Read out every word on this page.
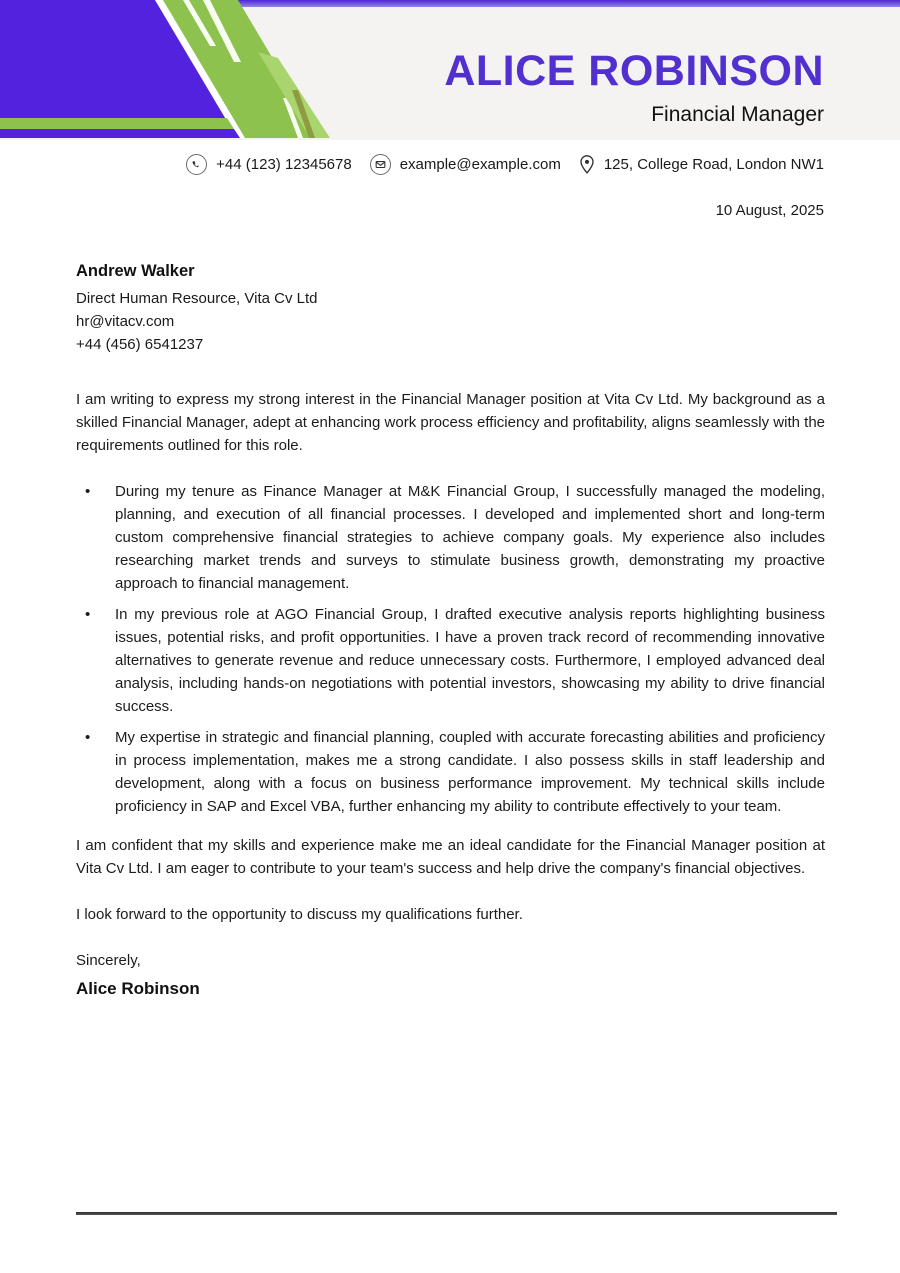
ALICE ROBINSON
Financial Manager
+44 (123) 12345678	example@example.com	125, College Road, London NW1
10 August, 2025
Andrew Walker
Direct Human Resource, Vita Cv Ltd
hr@vitacv.com
+44 (456) 6541237

I am writing to express my strong interest in the Financial Manager position at Vita Cv Ltd. My background as a skilled Financial Manager, adept at enhancing work process efficiency and profitability, aligns seamlessly with the requirements outlined for this role.

• During my tenure as Finance Manager at M&K Financial Group, I successfully managed the modeling, planning, and execution of all financial processes. I developed and implemented short and long-term custom comprehensive financial strategies to achieve company goals. My experience also includes researching market trends and surveys to stimulate business growth, demonstrating my proactive approach to financial management.
• In my previous role at AGO Financial Group, I drafted executive analysis reports highlighting business issues, potential risks, and profit opportunities. I have a proven track record of recommending innovative alternatives to generate revenue and reduce unnecessary costs. Furthermore, I employed advanced deal analysis, including hands-on negotiations with potential investors, showcasing my ability to drive financial success.
• My expertise in strategic and financial planning, coupled with accurate forecasting abilities and proficiency in process implementation, makes me a strong candidate. I also possess skills in staff leadership and development, along with a focus on business performance improvement. My technical skills include proficiency in SAP and Excel VBA, further enhancing my ability to contribute effectively to your team.

I am confident that my skills and experience make me an ideal candidate for the Financial Manager position at Vita Cv Ltd. I am eager to contribute to your team's success and help drive the company's financial objectives.

I look forward to the opportunity to discuss my qualifications further.

Sincerely,

Alice Robinson
